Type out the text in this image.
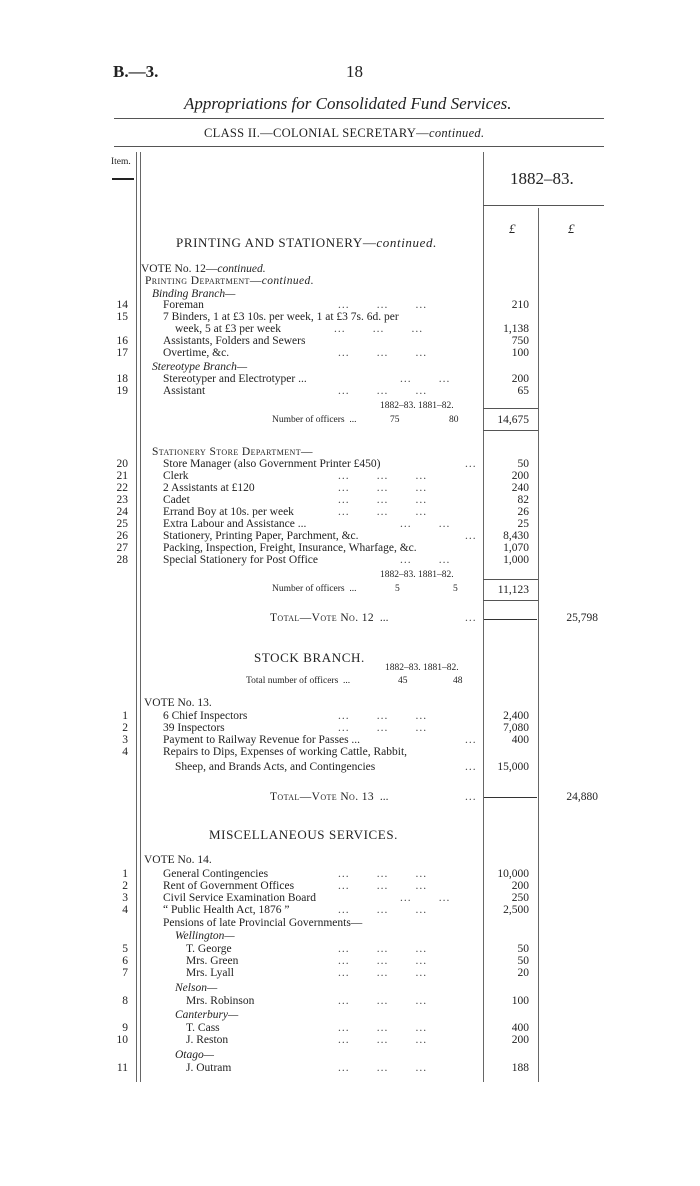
B.—3.	18
Appropriations for Consolidated Fund Services.
CLASS II.—COLONIAL SECRETARY—continued.
Item.
1882–83.
£	£
PRINTING AND STATIONERY—continued.
VOTE No. 12—continued.
Printing Department—continued.
Binding Branch—
14	Foreman	...       ...       ...	210
15	7 Binders, 1 at £3 10s. per week, 1 at £3 7s. 6d. per
week, 5 at £3 per week	...       ...       ...	1,138
16	Assistants, Folders and Sewers	750
17	Overtime, &c.	...       ...       ...	100
Stereotype Branch—
18	Stereotyper and Electrotyper ...	...       ...	200
19	Assistant	...       ...       ...	65
1882–83. 1881–82.
Number of officers  ...	75	80	14,675
Stationery Store Department—
20	Store Manager (also Government Printer £450)	...	50
21	Clerk	...       ...       ...	200
22	2 Assistants at £120	...       ...       ...	240
23	Cadet	...       ...       ...	82
24	Errand Boy at 10s. per week	...       ...       ...	26
25	Extra Labour and Assistance ...	...       ...	25
26	Stationery, Printing Paper, Parchment, &c.	...	8,430
27	Packing, Inspection, Freight, Insurance, Wharfage, &c.	1,070
28	Special Stationery for Post Office	...       ...	1,000
1882–83. 1881–82.
Number of officers  ...	5	5	11,123
Total—Vote No. 12  ...	...	25,798
STOCK BRANCH.
1882–83. 1881–82.
Total number of officers  ...	45	48
VOTE No. 13.
1	6 Chief Inspectors	...       ...       ...	2,400
2	39 Inspectors	...       ...       ...	7,080
3	Payment to Railway Revenue for Passes ...	...	400
4	Repairs to Dips, Expenses of working Cattle, Rabbit,
Sheep, and Brands Acts, and Contingencies	...	15,000
Total—Vote No. 13  ...	...	24,880
MISCELLANEOUS SERVICES.
VOTE No. 14.
1	General Contingencies	...       ...       ...	10,000
2	Rent of Government Offices	...       ...       ...	200
3	Civil Service Examination Board	...       ...	250
4	“ Public Health Act, 1876 ”	...       ...       ...	2,500
Pensions of late Provincial Governments—
Wellington—
5	T. George	...       ...       ...	50
6	Mrs. Green	...       ...       ...	50
7	Mrs. Lyall	...       ...       ...	20
Nelson—
8	Mrs. Robinson	...       ...       ...	100
Canterbury—
9	T. Cass	...       ...       ...	400
10	J. Reston	...       ...       ...	200
Otago—
11	J. Outram	...       ...       ...	188
